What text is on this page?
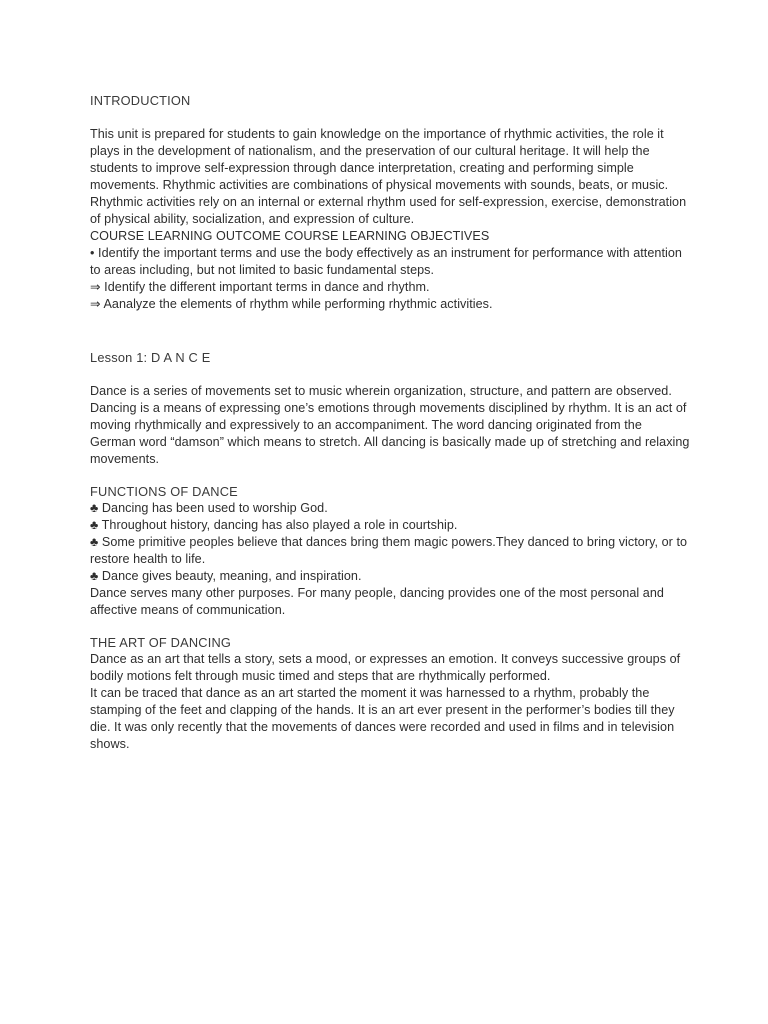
INTRODUCTION

This unit is prepared for students to gain knowledge on the importance of rhythmic activities, the role it plays in the development of nationalism, and the preservation of our cultural heritage. It will help the students to improve self-expression through dance interpretation, creating and performing simple movements. Rhythmic activities are combinations of physical movements with sounds, beats, or music. Rhythmic activities rely on an internal or external rhythm used for self-expression, exercise, demonstration of physical ability, socialization, and expression of culture.

COURSE LEARNING OUTCOME COURSE LEARNING OBJECTIVES

• Identify the important terms and use the body effectively as an instrument for performance with attention to areas including, but not limited to basic fundamental steps.

⇒ Identify the different important terms in dance and rhythm.

⇒ Aanalyze the elements of rhythm while performing rhythmic activities.

Lesson 1: D A N C E

Dance is a series of movements set to music wherein organization, structure, and pattern are observed.

Dancing is a means of expressing one’s emotions through movements disciplined by rhythm. It is an act of moving rhythmically and expressively to an accompaniment. The word dancing originated from the German word “damson” which means to stretch. All dancing is basically made up of stretching and relaxing movements.

FUNCTIONS OF DANCE

♣ Dancing has been used to worship God.

♣ Throughout history, dancing has also played a role in courtship.

♣ Some primitive peoples believe that dances bring them magic powers.They danced to bring victory, or to restore health to life.

♣ Dance gives beauty, meaning, and inspiration.

Dance serves many other purposes. For many people, dancing provides one of the most personal and affective means of communication.

THE ART OF DANCING

Dance as an art that tells a story, sets a mood, or expresses an emotion. It conveys successive groups of bodily motions felt through music timed and steps that are rhythmically performed.

It can be traced that dance as an art started the moment it was harnessed to a rhythm, probably the stamping of the feet and clapping of the hands. It is an art ever present in the performer’s bodies till they die. It was only recently that the movements of dances were recorded and used in films and in television shows.
